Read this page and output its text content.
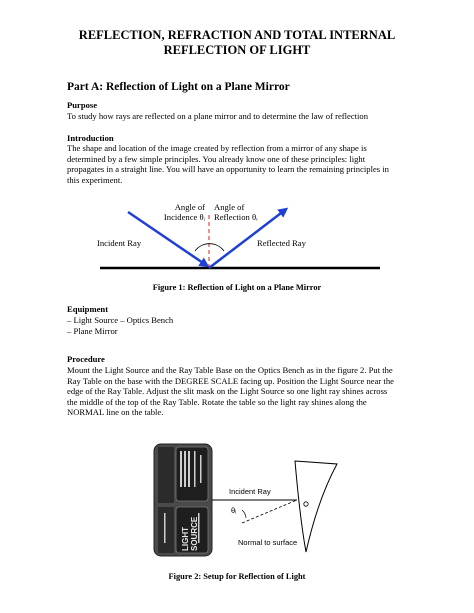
REFLECTION, REFRACTION AND TOTAL INTERNAL
REFLECTION OF LIGHT
Part A: Reflection of Light on a Plane Mirror
Purpose
To study how rays are reflected on a plane mirror and to determine the law of reflection
Introduction
The shape and location of the image created by reflection from a mirror of any shape is
determined by a few simple principles. You already know one of these principles: light
propagates in a straight line. You will have an opportunity to learn the remaining principles in
this experiment.
Angle of
Incidence θᵢ
Angle of
Reflection θᵣ
Incident Ray	Reflected Ray
Figure 1: Reflection of Light on a Plane Mirror
Equipment
– Light Source – Optics Bench
– Plane Mirror
Procedure
Mount the Light Source and the Ray Table Base on the Optics Bench as in the figure 2. Put the
Ray Table on the base with the DEGREE SCALE facing up. Position the Light Source near the
edge of the Ray Table. Adjust the slit mask on the Light Source so one light ray shines across
the middle of the top of the Ray Table. Rotate the table so the light ray shines along the
NORMAL line on the table.
LIGHT SOURCE
Incident Ray
θᵢ
Normal to surface
Figure 2: Setup for Reflection of Light
